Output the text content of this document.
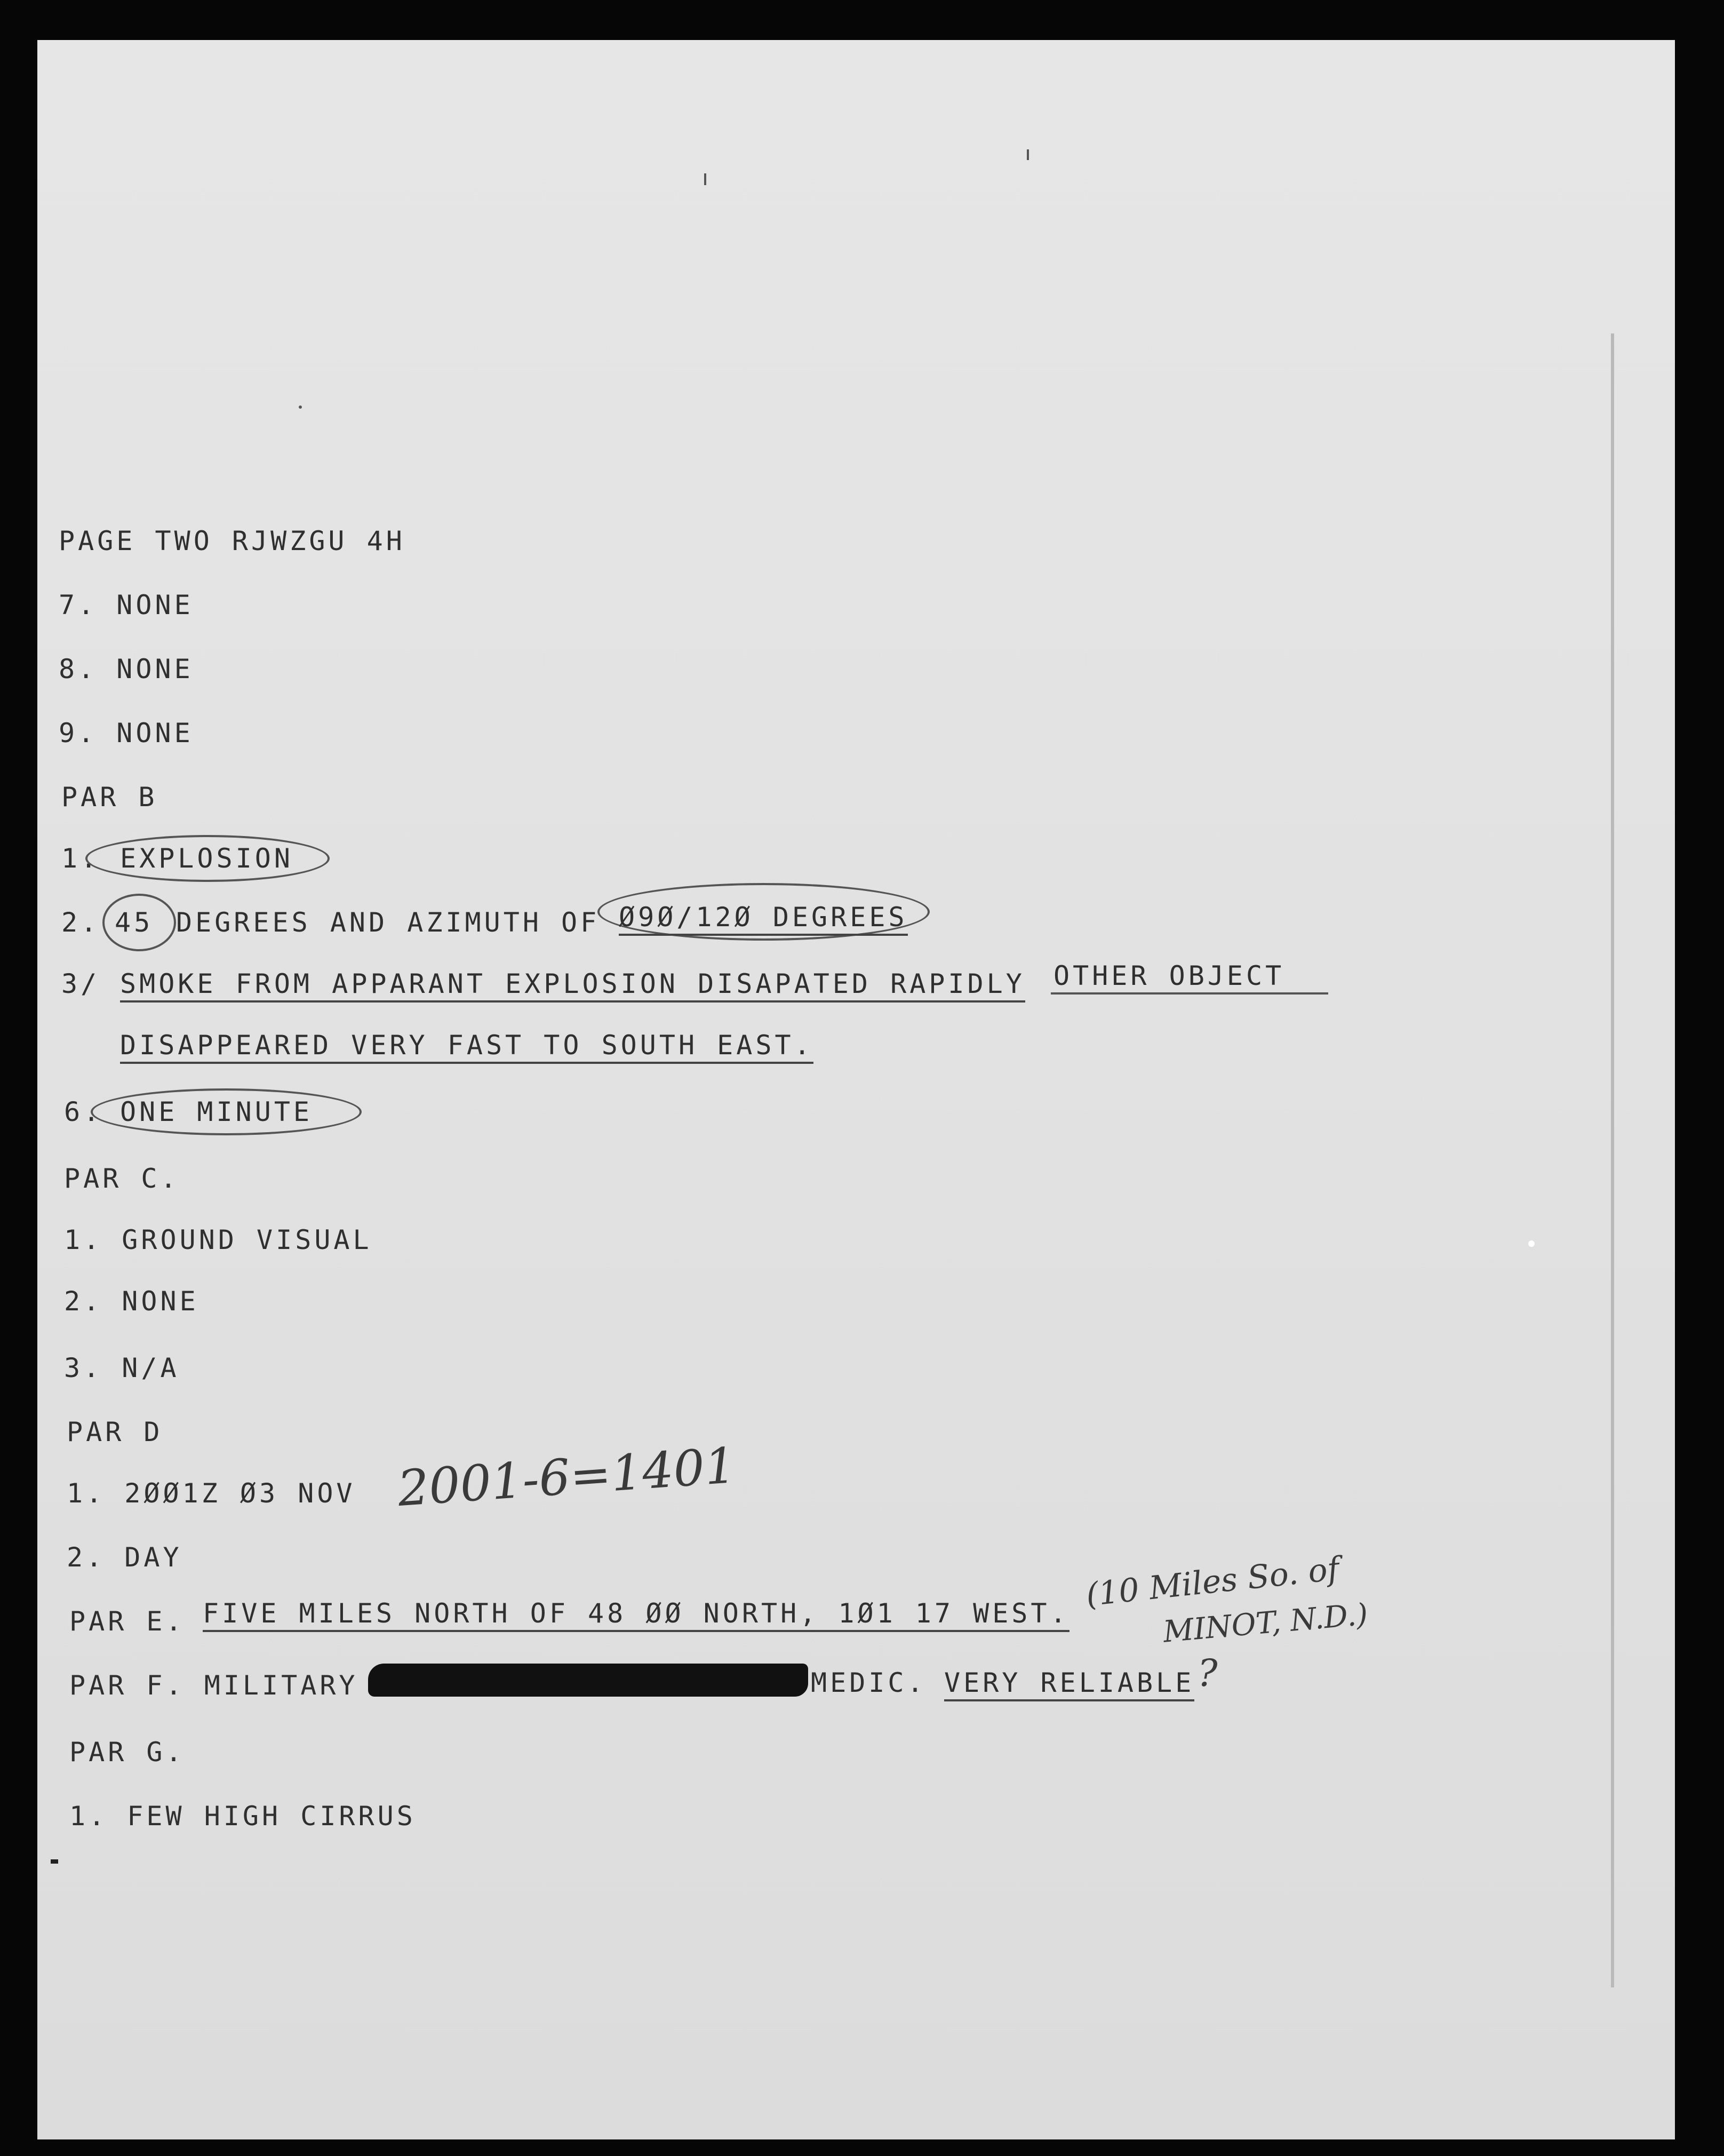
PAGE TWO RJWZGU 4H
7. NONE
8. NONE
9. NONE
PAR B
1. EXPLOSION
2. 45 DEGREES AND AZIMUTH OF Ø9Ø/12Ø DEGREES
3/ SMOKE FROM APPARANT EXPLOSION DISAPATED RAPIDLY OTHER OBJECT
DISAPPEARED VERY FAST TO SOUTH EAST.
6. ONE MINUTE
PAR C.
1. GROUND VISUAL
2. NONE
3. N/A
PAR D
1. 2ØØ1Z Ø3 NOV 2001-6=1401
2. DAY
PAR E. FIVE MILES NORTH OF 48 ØØ NORTH, 1Ø1 17 WEST. (10 Miles So. of
MINOT, N.D.)
PAR F. MILITARY	MEDIC. VERY RELIABLE ?
PAR G.
1. FEW HIGH CIRRUS
